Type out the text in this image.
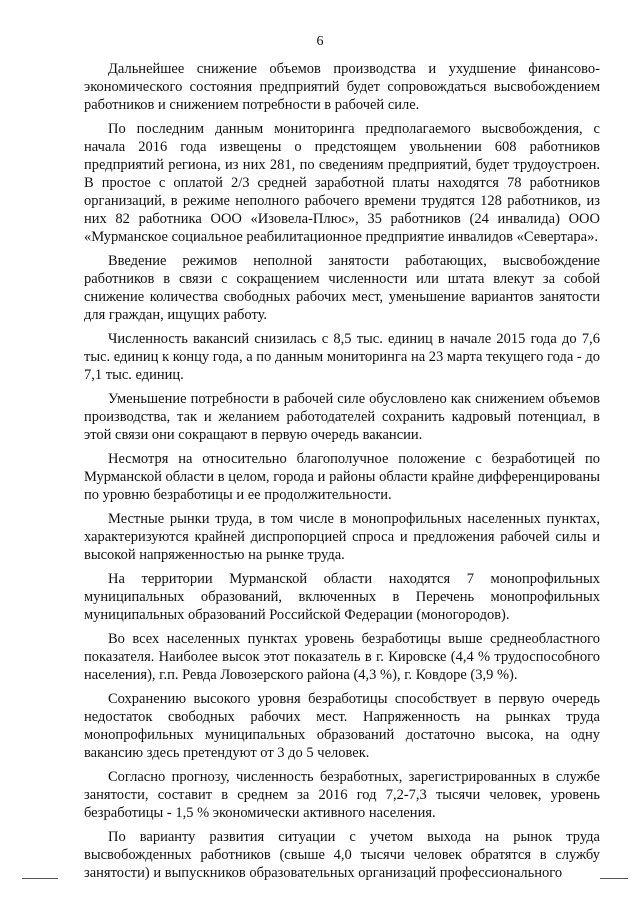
6

Дальнейшее снижение объемов производства и ухудшение финансово-экономического состояния предприятий будет сопровождаться высвобождением работников и снижением потребности в рабочей силе.

По последним данным мониторинга предполагаемого высвобождения, с начала 2016 года извещены о предстоящем увольнении 608 работников предприятий региона, из них 281, по сведениям предприятий, будет трудоустроен. В простое с оплатой 2/3 средней заработной платы находятся 78 работников организаций, в режиме неполного рабочего времени трудятся 128 работников, из них 82 работника ООО «Изовела-Плюс», 35 работников (24 инвалида) ООО «Мурманское социальное реабилитационное предприятие инвалидов «Севертара».

Введение режимов неполной занятости работающих, высвобождение работников в связи с сокращением численности или штата влекут за собой снижение количества свободных рабочих мест, уменьшение вариантов занятости для граждан, ищущих работу.

Численность вакансий снизилась с 8,5 тыс. единиц в начале 2015 года до 7,6 тыс. единиц к концу года, а по данным мониторинга на 23 марта текущего года - до 7,1 тыс. единиц.

Уменьшение потребности в рабочей силе обусловлено как снижением объемов производства, так и желанием работодателей сохранить кадровый потенциал, в этой связи они сокращают в первую очередь вакансии.

Несмотря на относительно благополучное положение с безработицей по Мурманской области в целом, города и районы области крайне дифференцированы по уровню безработицы и ее продолжительности.

Местные рынки труда, в том числе в монопрофильных населенных пунктах, характеризуются крайней диспропорцией спроса и предложения рабочей силы и высокой напряженностью на рынке труда.

На территории Мурманской области находятся 7 монопрофильных муниципальных образований, включенных в Перечень монопрофильных муниципальных образований Российской Федерации (моногородов).

Во всех населенных пунктах уровень безработицы выше среднеобластного показателя. Наиболее высок этот показатель в г. Кировске (4,4 % трудоспособного населения), г.п. Ревда Ловозерского района (4,3 %), г. Ковдоре (3,9 %).

Сохранению высокого уровня безработицы способствует в первую очередь недостаток свободных рабочих мест. Напряженность на рынках труда монопрофильных муниципальных образований достаточно высока, на одну вакансию здесь претендуют от 3 до 5 человек.

Согласно прогнозу, численность безработных, зарегистрированных в службе занятости, составит в среднем за 2016 год 7,2-7,3 тысячи человек, уровень безработицы - 1,5 % экономически активного населения.

По варианту развития ситуации с учетом выхода на рынок труда высвобожденных работников (свыше 4,0 тысячи человек обратятся в службу занятости) и выпускников образовательных организаций профессионального
